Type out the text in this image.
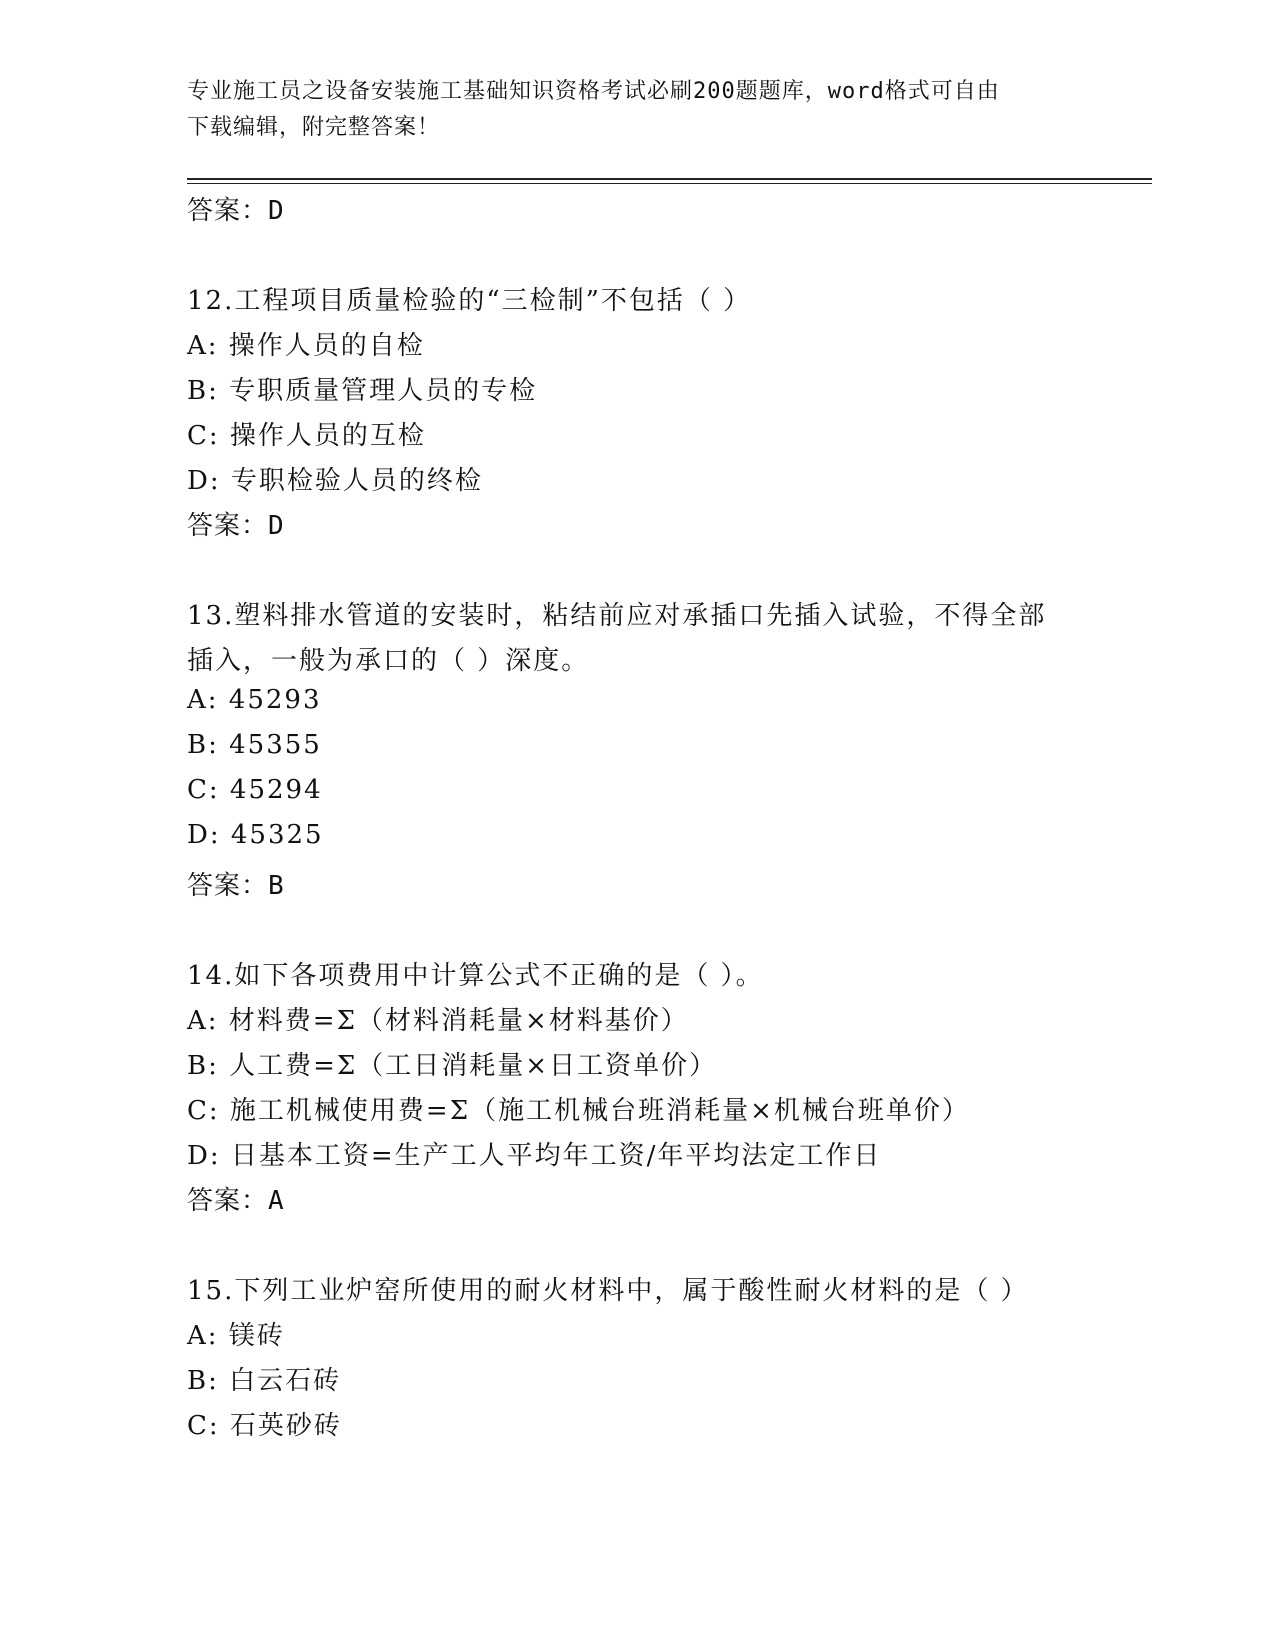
专业施工员之设备安装施工基础知识资格考试必刷200题题库，word格式可自由
下载编辑，附完整答案！
答案：D
12.工程项目质量检验的“三检制”不包括（ ）
A: 操作人员的自检
B: 专职质量管理人员的专检
C: 操作人员的互检
D: 专职检验人员的终检
答案：D
13.塑料排水管道的安装时，粘结前应对承插口先插入试验，不得全部
插入，一般为承口的（ ）深度。
A: 45293
B: 45355
C: 45294
D: 45325
答案：B
14.如下各项费用中计算公式不正确的是（ ）。
A: 材料费=Σ（材料消耗量×材料基价）
B: 人工费=Σ（工日消耗量×日工资单价）
C: 施工机械使用费=Σ（施工机械台班消耗量×机械台班单价）
D: 日基本工资=生产工人平均年工资/年平均法定工作日
答案：A
15.下列工业炉窑所使用的耐火材料中，属于酸性耐火材料的是（ ）
A: 镁砖
B: 白云石砖
C: 石英砂砖
